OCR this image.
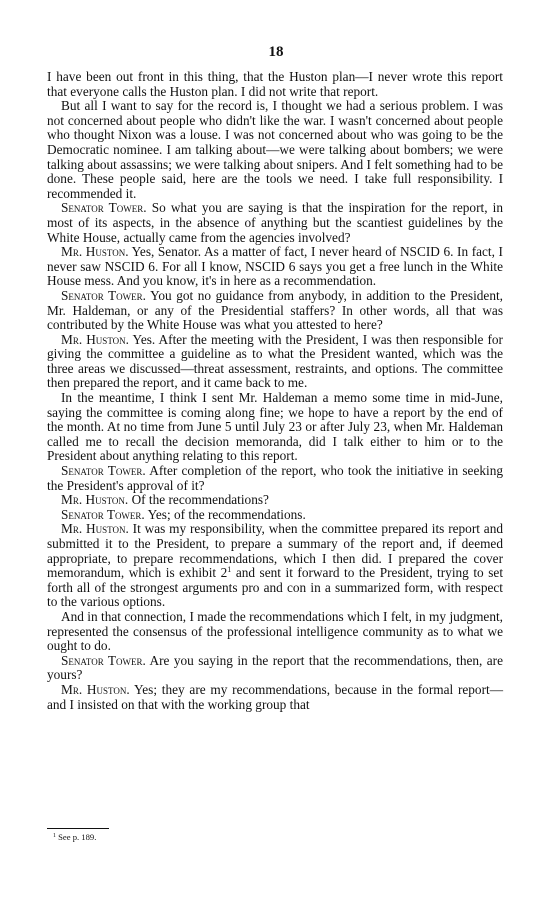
18

I have been out front in this thing, that the Huston plan—I never wrote this report that everyone calls the Huston plan. I did not write that report.

But all I want to say for the record is, I thought we had a serious problem. I was not concerned about people who didn't like the war. I wasn't concerned about people who thought Nixon was a louse. I was not concerned about who was going to be the Democratic nominee. I am talking about—we were talking about bombers; we were talking about assassins; we were talking about snipers. And I felt something had to be done. These people said, here are the tools we need. I take full responsibility. I recommended it.

Senator Tower. So what you are saying is that the inspiration for the report, in most of its aspects, in the absence of anything but the scantiest guidelines by the White House, actually came from the agencies involved?

Mr. Huston. Yes, Senator. As a matter of fact, I never heard of NSCID 6. In fact, I never saw NSCID 6. For all I know, NSCID 6 says you get a free lunch in the White House mess. And you know, it's in here as a recommendation.

Senator Tower. You got no guidance from anybody, in addition to the President, Mr. Haldeman, or any of the Presidential staffers? In other words, all that was contributed by the White House was what you attested to here?

Mr. Huston. Yes. After the meeting with the President, I was then responsible for giving the committee a guideline as to what the President wanted, which was the three areas we discussed—threat assessment, restraints, and options. The committee then prepared the report, and it came back to me.

In the meantime, I think I sent Mr. Haldeman a memo some time in mid-June, saying the committee is coming along fine; we hope to have a report by the end of the month. At no time from June 5 until July 23 or after July 23, when Mr. Haldeman called me to recall the decision memoranda, did I talk either to him or to the President about anything relating to this report.

Senator Tower. After completion of the report, who took the initiative in seeking the President's approval of it?

Mr. Huston. Of the recommendations?

Senator Tower. Yes; of the recommendations.

Mr. Huston. It was my responsibility, when the committee prepared its report and submitted it to the President, to prepare a summary of the report and, if deemed appropriate, to prepare recommendations, which I then did. I prepared the cover memorandum, which is exhibit $2^1$ and sent it forward to the President, trying to set forth all of the strongest arguments pro and con in a summarized form, with respect to the various options.

And in that connection, I made the recommendations which I felt, in my judgment, represented the consensus of the professional intelligence community as to what we ought to do.

Senator Tower. Are you saying in the report that the recommendations, then, are yours?

Mr. Huston. Yes; they are my recommendations, because in the formal report—and I insisted on that with the working group that

$^1$ See p. 189.
